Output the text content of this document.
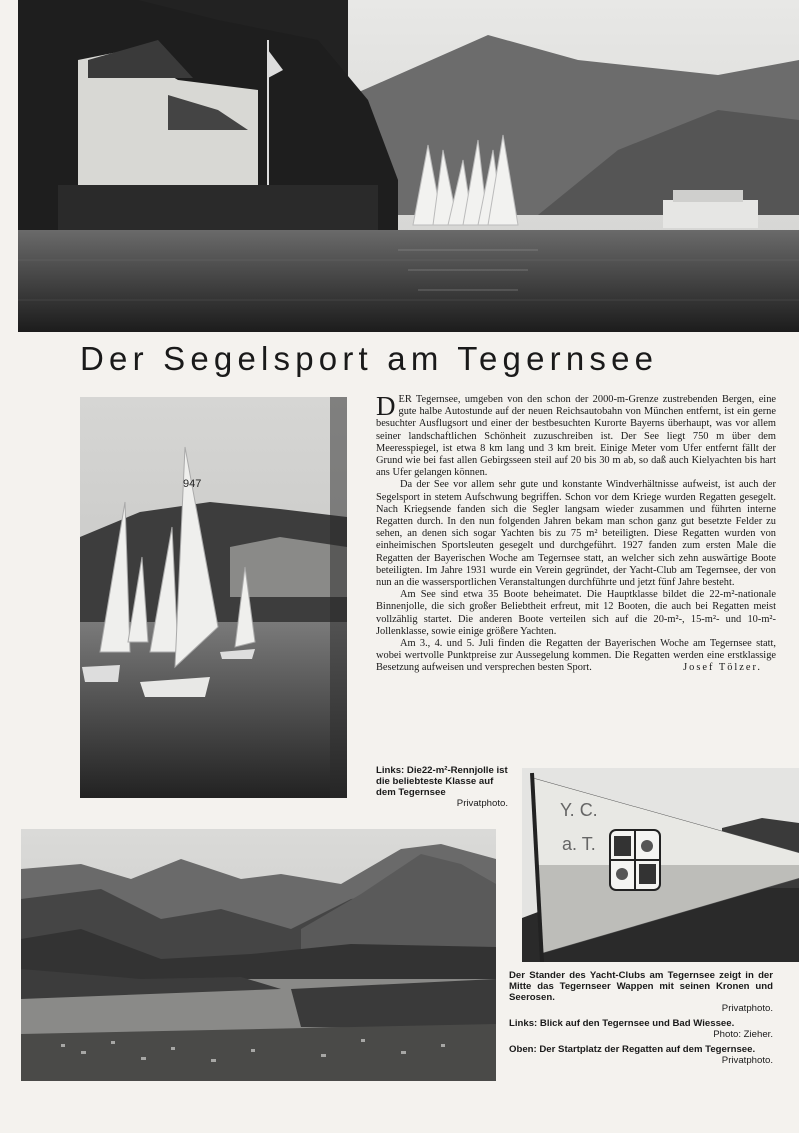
Der Segelsport am Tegernsee
947

DER Tegernsee, umgeben von den schon der 2000-m-Grenze zustrebenden Bergen, eine gute halbe Autostunde auf der neuen Reichsautobahn von München entfernt, ist ein gerne besuchter Ausflugsort und einer der bestbesuchten Kurorte Bayerns überhaupt, was vor allem seiner landschaftlichen Schönheit zuzuschreiben ist. Der See liegt 750 m über dem Meeresspiegel, ist etwa 8 km lang und 3 km breit. Einige Meter vom Ufer entfernt fällt der Grund wie bei fast allen Gebirgsseen steil auf 20 bis 30 m ab, so daß auch Kielyachten bis hart ans Ufer gelangen können.

Da der See vor allem sehr gute und konstante Windverhältnisse aufweist, ist auch der Segelsport in stetem Aufschwung begriffen. Schon vor dem Kriege wurden Regatten gesegelt. Nach Kriegsende fanden sich die Segler langsam wieder zusammen und führten interne Regatten durch. In den nun folgenden Jahren bekam man schon ganz gut besetzte Felder zu sehen, an denen sich sogar Yachten bis zu 75 m² beteiligten. Diese Regatten wurden von einheimischen Sportsleuten gesegelt und durchgeführt. 1927 fanden zum ersten Male die Regatten der Bayerischen Woche am Tegernsee statt, an welcher sich zehn auswärtige Boote beteiligten. Im Jahre 1931 wurde ein Verein gegründet, der Yacht-Club am Tegernsee, der von nun an die wassersportlichen Veranstaltungen durchführte und jetzt fünf Jahre besteht.

Am See sind etwa 35 Boote beheimatet. Die Hauptklasse bildet die 22-m²-nationale Binnenjolle, die sich großer Beliebtheit erfreut, mit 12 Booten, die auch bei Regatten meist vollzählig startet. Die anderen Boote verteilen sich auf die 20-m²-, 15-m²- und 10-m²-Jollenklasse, sowie einige größere Yachten.

Am 3., 4. und 5. Juli finden die Regatten der Bayerischen Woche am Tegernsee statt, wobei wertvolle Punktpreise zur Aussegelung kommen. Die Regatten werden eine erstklassige Besetzung aufweisen und versprechen besten Sport.	Josef Tölzer.

Links: Die22-m²-Rennjolle ist die beliebteste Klasse auf dem Tegernsee
Privatphoto.	Y. C.
a. T.
Der Stander des Yacht-Clubs am Tegernsee zeigt in der Mitte das Tegernseer Wappen mit seinen Kronen und Seerosen.
Privatphoto.
Links: Blick auf den Tegernsee und Bad Wiessee.
Photo: Zieher.
Oben: Der Startplatz der Regatten auf dem Tegernsee.
Privatphoto.
